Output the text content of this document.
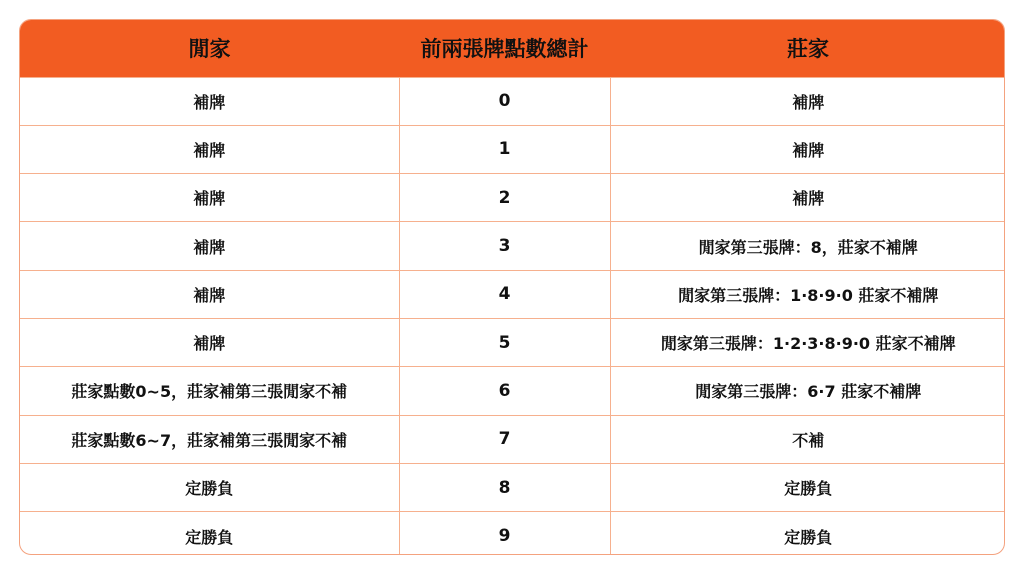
閒家	前兩張牌點數總計	莊家
補牌	0	補牌
補牌	1	補牌
補牌	2	補牌
補牌	3	閒家第三張牌：8，莊家不補牌
補牌	4	閒家第三張牌：1·8·9·0 莊家不補牌
補牌	5	閒家第三張牌：1·2·3·8·9·0 莊家不補牌
莊家點數0~5，莊家補第三張閒家不補	6	閒家第三張牌：6·7 莊家不補牌
莊家點數6~7，莊家補第三張閒家不補	7	不補
定勝負	8	定勝負
定勝負	9	定勝負
